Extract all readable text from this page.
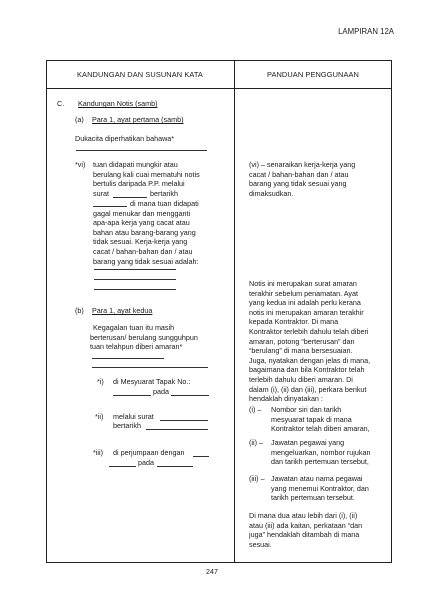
LAMPIRAN 12A
KANDUNGAN DAN SUSUNAN KATA	PANDUAN PENGGUNAAN
C. Kandungan Notis (samb)
(a) Para 1, ayat pertama (samb)
Dukacita diperhatikan bahawa*
*vi) tuan didapati mungkir atau
berulang kali cuai mematuhi notis
bertulis daripada P.P. melalui
surat	bertarikh
di mana tuan didapati
gagal menukar dan mengganti
apa-apa kerja yang cacat atau
bahan atau barang-barang yang
tidak sesuai. Kerja-kerja yang
cacat / bahan-bahan dan / atau
barang yang tidak sesuai adalah:
(b) Para 1, ayat kedua
Kegagalan tuan itu masih
berterusan/ berulang sungguhpun
tuan telahpun diberi amaran*
*i) di Mesyuarat Tapak No.:
pada
*ii) melalui surat
bertarikh
*iii) di perjumpaan dengan
pada
(vi) – senaraikan kerja-kerja yang
cacat / bahan-bahan dan / atau
barang yang tidak sesuai yang
dimaksudkan.
Notis ini merupakan surat amaran
terakhir sebelum penamatan. Ayat
yang kedua ini adalah perlu kerana
notis ini merupakan amaran terakhir
kepada Kontraktor. Di mana
Kontraktor terlebih dahulu telah diberi
amaran, potong “berterusan” dan
“berulang” di mana bersesuaian.
Juga, nyatakan dengan jelas di mana,
bagaimana dan bila Kontraktor telah
terlebih dahulu diberi amaran. Di
dalam (i), (ii) dan (iii), perkara berikut
hendaklah dinyatakan :
(i) – Nombor siri dan tarikh
mesyuarat tapak di mana
Kontraktor telah diberi amaran,
(ii) – Jawatan pegawai yang
mengeluarkan, nombor rujukan
dan tarikh pertemuan tersebut,
(iii) – Jawatan atau nama pegawai
yang menemui Kontraktor, dan
tarikh pertemuan tersebut.
Di mana dua atau lebih dari (i), (ii)
atau (iii) ada kaitan, perkataan “dan
juga” hendaklah ditambah di mana
sesuai.
247
